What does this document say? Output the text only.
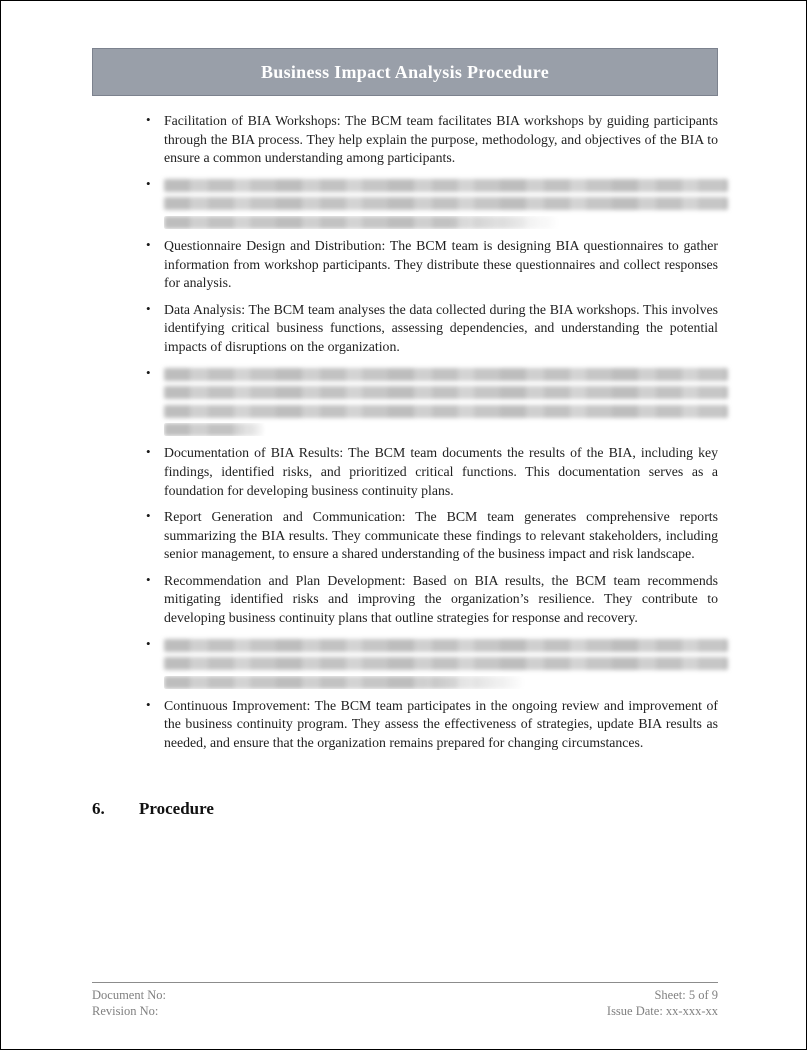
Business Impact Analysis Procedure
• Facilitation of BIA Workshops: The BCM team facilitates BIA workshops by guiding participants through the BIA process. They help explain the purpose, methodology, and objectives of the BIA to ensure a common understanding among participants.
•
• Questionnaire Design and Distribution: The BCM team is designing BIA questionnaires to gather information from workshop participants. They distribute these questionnaires and collect responses for analysis.
• Data Analysis: The BCM team analyses the data collected during the BIA workshops. This involves identifying critical business functions, assessing dependencies, and understanding the potential impacts of disruptions on the organization.
•
• Documentation of BIA Results: The BCM team documents the results of the BIA, including key findings, identified risks, and prioritized critical functions. This documentation serves as a foundation for developing business continuity plans.
• Report Generation and Communication: The BCM team generates comprehensive reports summarizing the BIA results. They communicate these findings to relevant stakeholders, including senior management, to ensure a shared understanding of the business impact and risk landscape.
• Recommendation and Plan Development: Based on BIA results, the BCM team recommends mitigating identified risks and improving the organization’s resilience. They contribute to developing business continuity plans that outline strategies for response and recovery.
•
• Continuous Improvement: The BCM team participates in the ongoing review and improvement of the business continuity program. They assess the effectiveness of strategies, update BIA results as needed, and ensure that the organization remains prepared for changing circumstances.
6.	Procedure
Document No:
Revision No:
Sheet: 5 of 9
Issue Date: xx-xxx-xx
